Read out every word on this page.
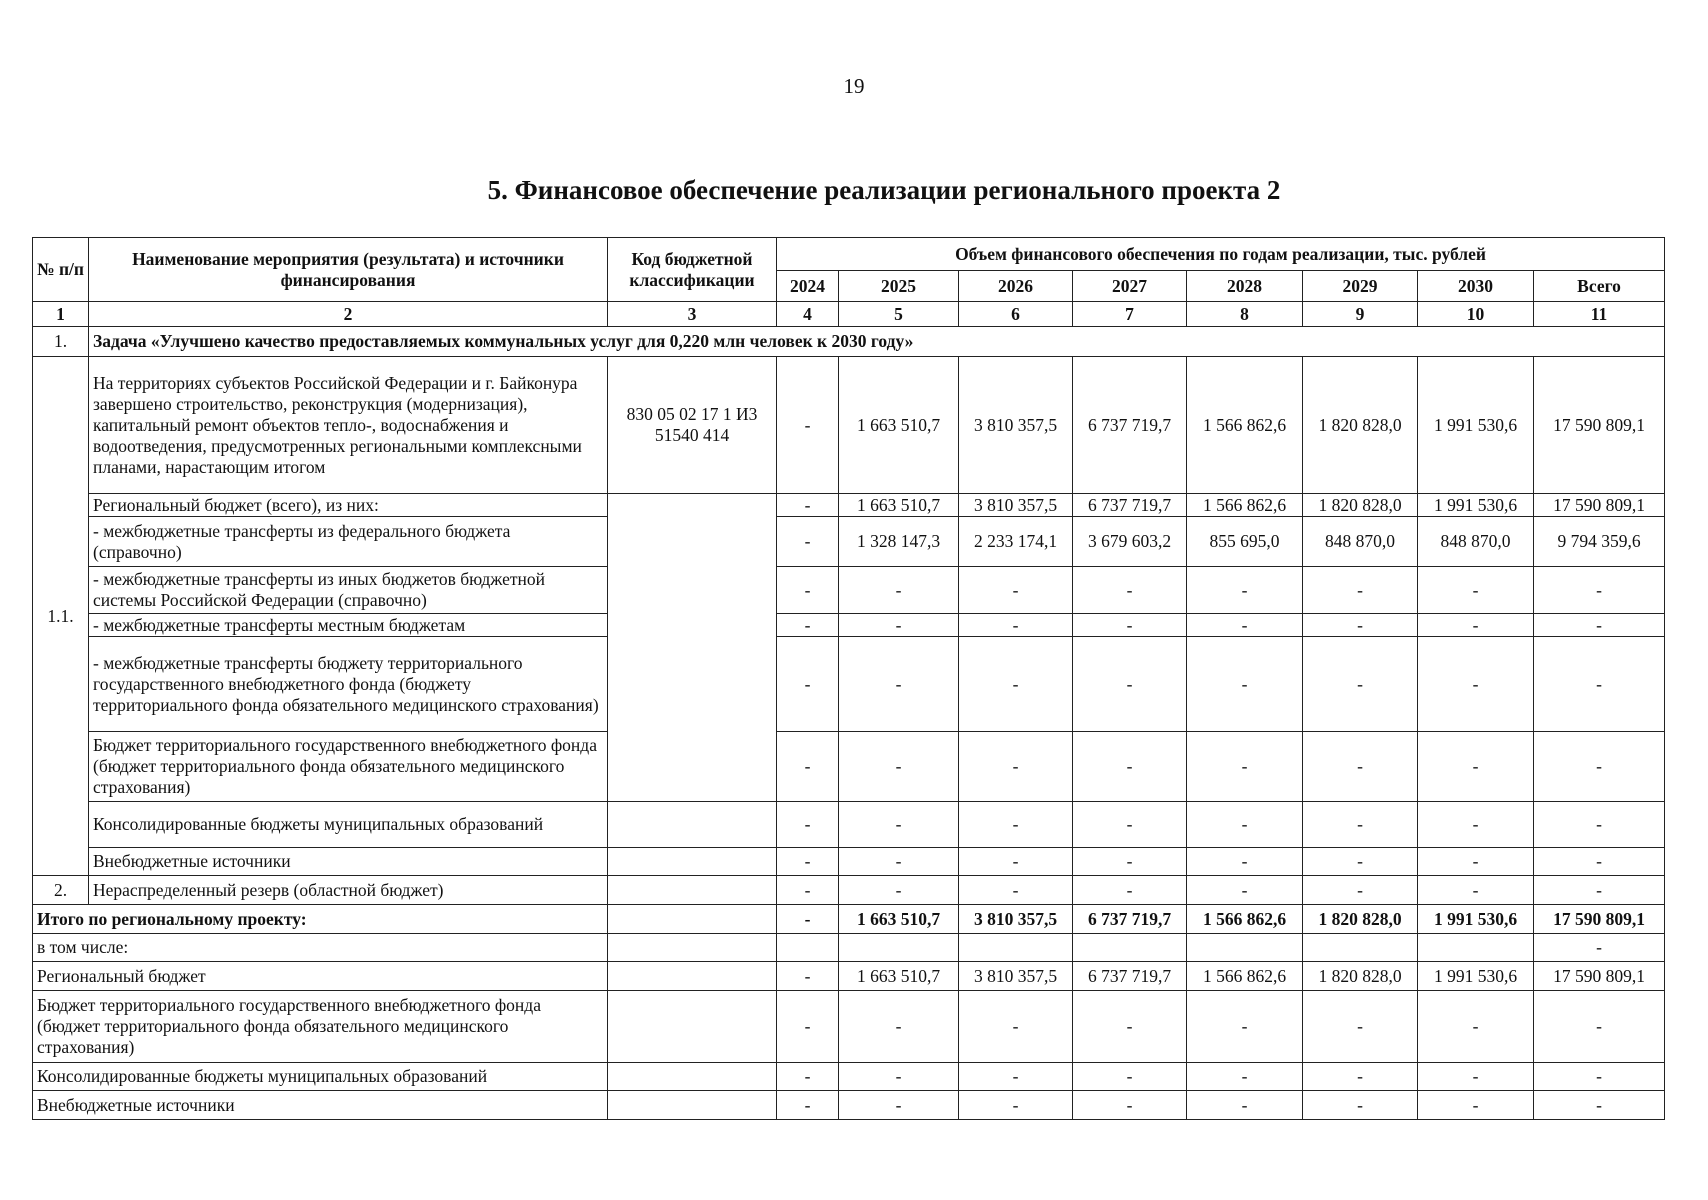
19
5. Финансовое обеспечение реализации регионального проекта 2
№ п/п	Наименование мероприятия (результата) и источники финансирования	Код бюджетной классификации	Объем финансового обеспечения по годам реализации, тыс. рублей							
			2024	2025	2026	2027	2028	2029	2030	Всего
1	2	3	4	5	6	7	8	9	10	11
1.	Задача «Улучшено качество предоставляемых коммунальных услуг для 0,220 млн человек к 2030 году»									
1.1.	На территориях субъектов Российской Федерации и г. Байконура завершено строительство, реконструкция (модернизация), капитальный ремонт объектов тепло-, водоснабжения и водоотведения, предусмотренных региональными комплексными планами, нарастающим итогом	830 05 02 17 1 И3 51540 414	-	1 663 510,7	3 810 357,5	6 737 719,7	1 566 862,6	1 820 828,0	1 991 530,6	17 590 809,1
	Региональный бюджет (всего), из них:		-	1 663 510,7	3 810 357,5	6 737 719,7	1 566 862,6	1 820 828,0	1 991 530,6	17 590 809,1
	- межбюджетные трансферты из федерального бюджета (справочно)		-	1 328 147,3	2 233 174,1	3 679 603,2	855 695,0	848 870,0	848 870,0	9 794 359,6
	- межбюджетные трансферты из иных бюджетов бюджетной системы Российской Федерации (справочно)		-	-	-	-	-	-	-	-
	- межбюджетные трансферты местным бюджетам		-	-	-	-	-	-	-	-
	- межбюджетные трансферты бюджету территориального государственного внебюджетного фонда (бюджету территориального фонда обязательного медицинского страхования)		-	-	-	-	-	-	-	-
	Бюджет территориального государственного внебюджетного фонда (бюджет территориального фонда обязательного медицинского страхования)		-	-	-	-	-	-	-	-
	Консолидированные бюджеты муниципальных образований		-	-	-	-	-	-	-	-
	Внебюджетные источники		-	-	-	-	-	-	-	-
2.	Нераспределенный резерв (областной бюджет)		-	-	-	-	-	-	-	-
Итого по региональному проекту:			-	1 663 510,7	3 810 357,5	6 737 719,7	1 566 862,6	1 820 828,0	1 991 530,6	17 590 809,1
в том числе:										-
Региональный бюджет			-	1 663 510,7	3 810 357,5	6 737 719,7	1 566 862,6	1 820 828,0	1 991 530,6	17 590 809,1
Бюджет территориального государственного внебюджетного фонда (бюджет территориального фонда обязательного медицинского страхования)			-	-	-	-	-	-	-	-
Консолидированные бюджеты муниципальных образований			-	-	-	-	-	-	-	-
Внебюджетные источники			-	-	-	-	-	-	-	-
